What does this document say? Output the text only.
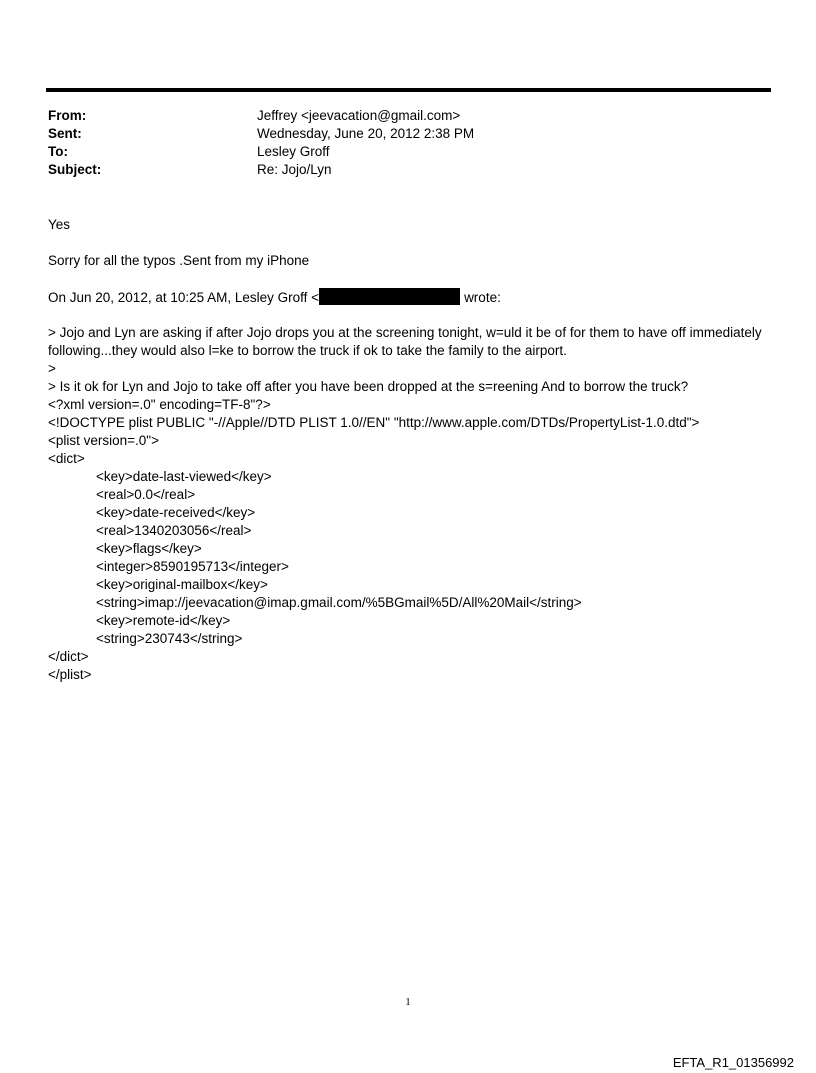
From:	Jeffrey <jeevacation@gmail.com>
Sent:	Wednesday, June 20, 2012 2:38 PM
To:	Lesley Groff
Subject:	Re: Jojo/Lyn
Yes
Sorry for all the typos .Sent from my iPhone
On Jun 20, 2012, at 10:25 AM, Lesley Groff <	wrote:
> Jojo and Lyn are asking if after Jojo drops you at the screening tonight, w=uld it be of for them to have off immediately following...they would also l=ke to borrow the truck if ok to take the family to the airport.
>
> Is it ok for Lyn and Jojo to take off after you have been dropped at the s=reening And to borrow the truck?
<?xml version=.0" encoding=TF-8"?>
<!DOCTYPE plist PUBLIC "-//Apple//DTD PLIST 1.0//EN" "http://www.apple.com/DTDs/PropertyList-1.0.dtd">
<plist version=.0">
<dict>
<key>date-last-viewed</key>
<real>0.0</real>
<key>date-received</key>
<real>1340203056</real>
<key>flags</key>
<integer>8590195713</integer>
<key>original-mailbox</key>
<string>imap://jeevacation@imap.gmail.com/%5BGmail%5D/All%20Mail</string>
<key>remote-id</key>
<string>230743</string>
</dict>
</plist>
1
EFTA_R1_01356992
